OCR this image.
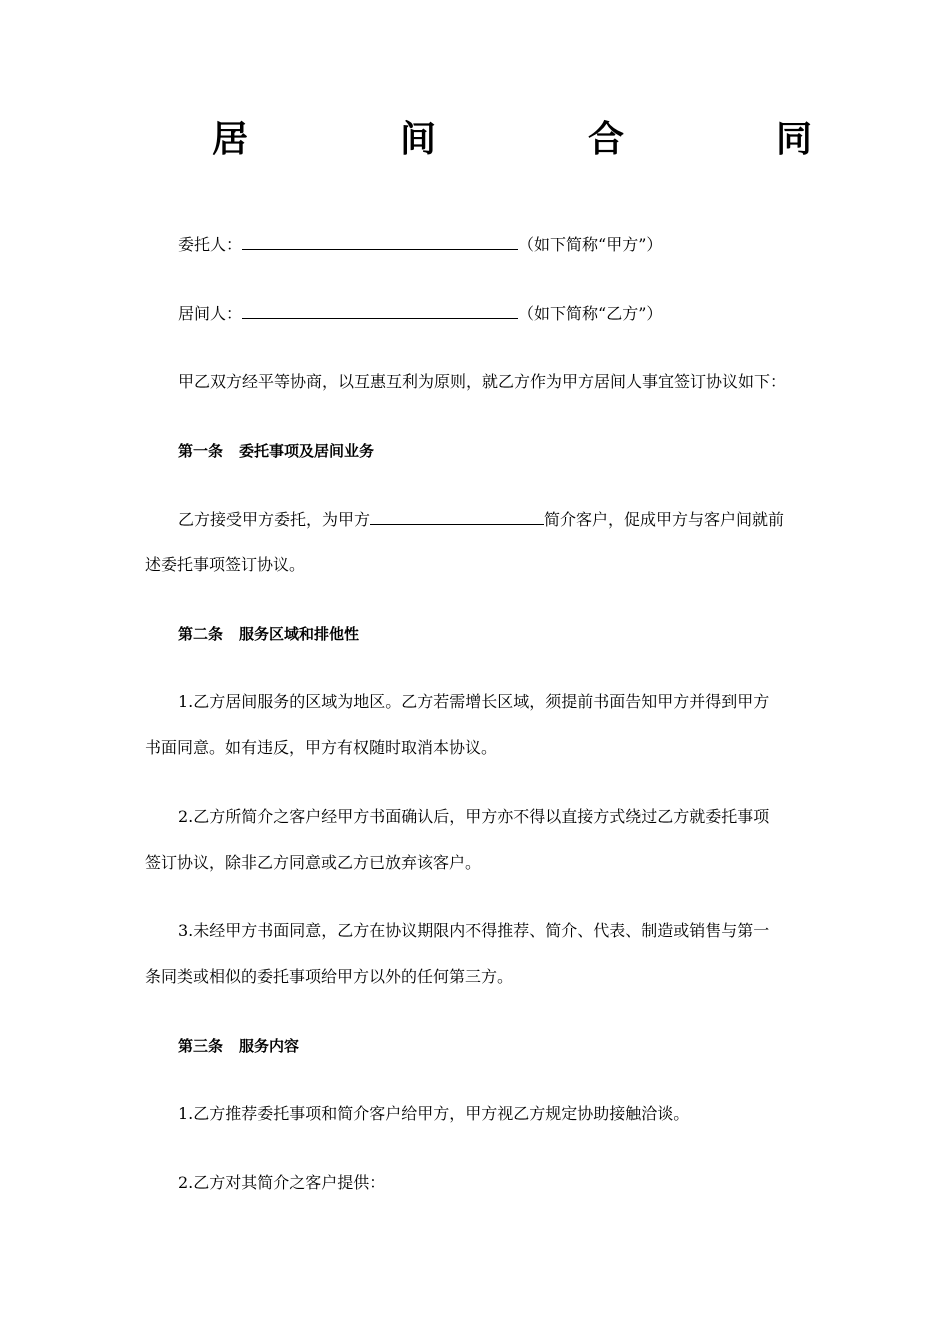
居	间	合	同
委托人：	（如下简称“甲方”）
居间人：	（如下简称“乙方”）
甲乙双方经平等协商，以互惠互利为原则，就乙方作为甲方居间人事宜签订协议如下：
第一条 委托事项及居间业务
乙方接受甲方委托，为甲方	简介客户，促成甲方与客户间就前
述委托事项签订协议。
第二条 服务区域和排他性
1.乙方居间服务的区域为地区。乙方若需增长区域，须提前书面告知甲方并得到甲方
书面同意。如有违反，甲方有权随时取消本协议。
2.乙方所简介之客户经甲方书面确认后，甲方亦不得以直接方式绕过乙方就委托事项
签订协议，除非乙方同意或乙方已放弃该客户。
3.未经甲方书面同意，乙方在协议期限内不得推荐、简介、代表、制造或销售与第一
条同类或相似的委托事项给甲方以外的任何第三方。
第三条 服务内容
1.乙方推荐委托事项和简介客户给甲方，甲方视乙方规定协助接触洽谈。
2.乙方对其简介之客户提供：
